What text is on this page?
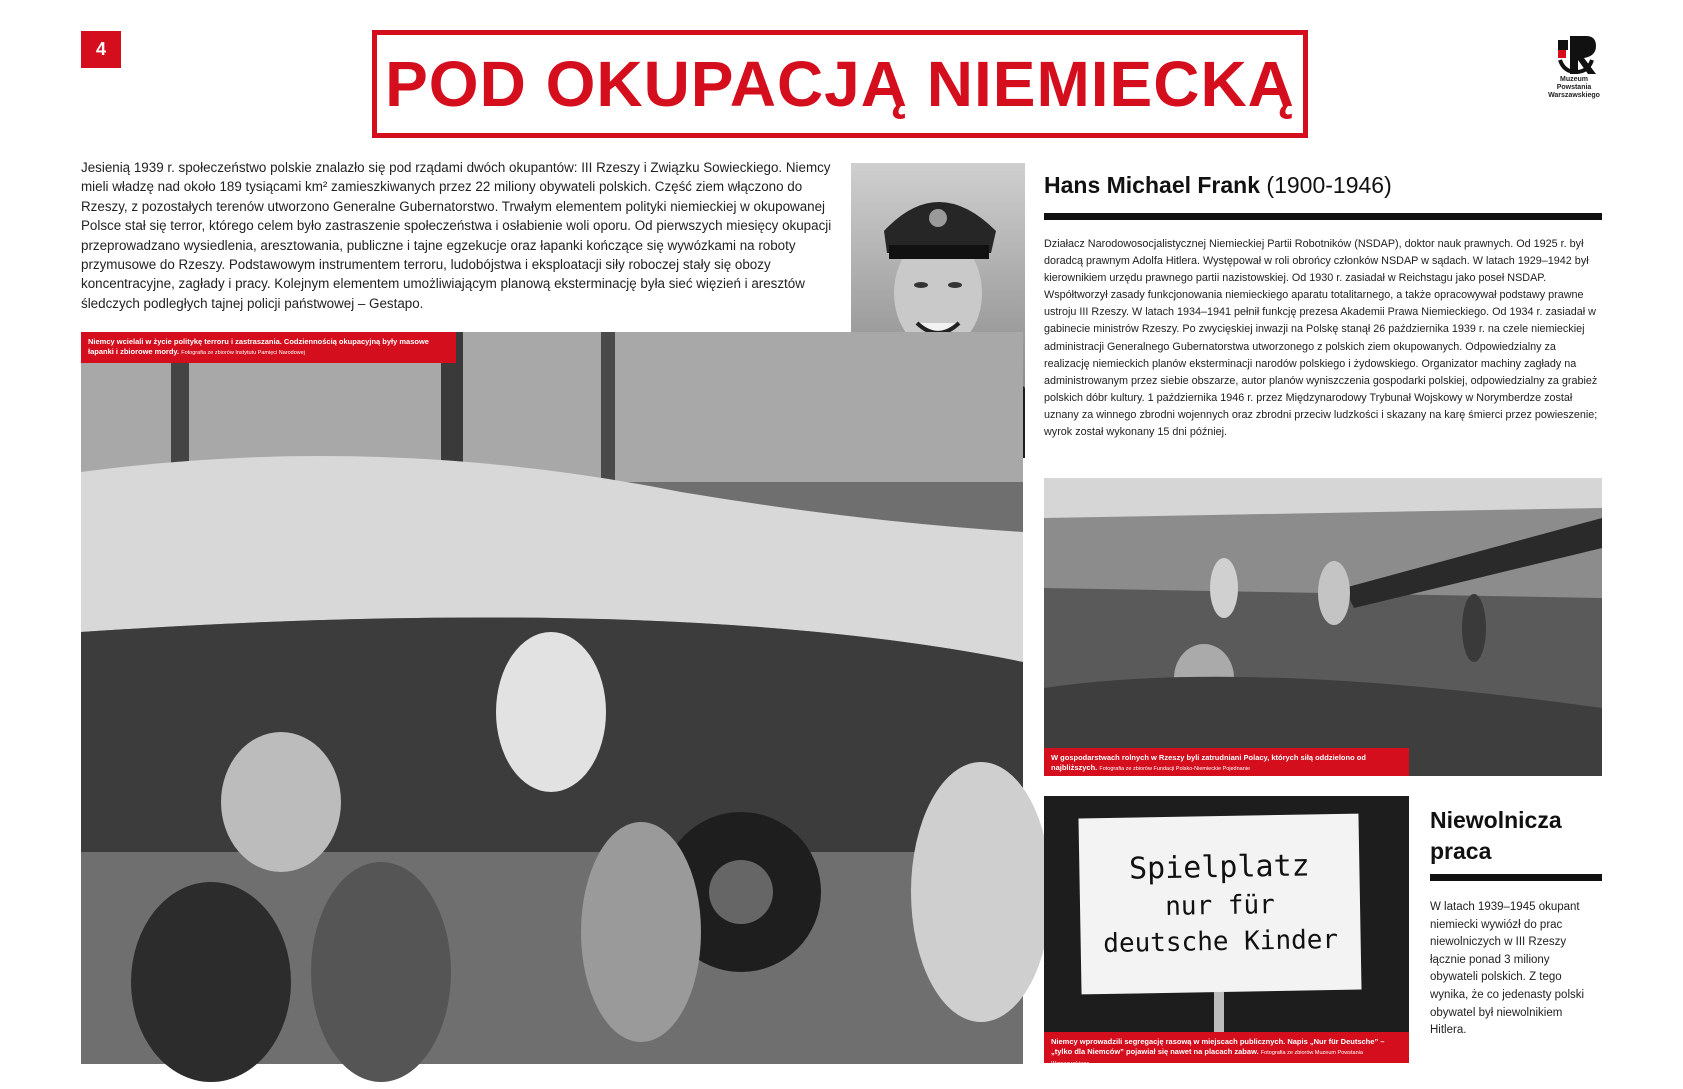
4	POD OKUPACJĄ NIEMIECKĄ	Muzeum
Powstania
Warszawskiego
Jesienią 1939 r. społeczeństwo polskie znalazło się pod rządami dwóch okupantów: III Rzeszy i Związku Sowieckiego. Niemcy mieli władzę nad około 189 tysiącami km² zamieszkiwanych przez 22 miliony obywateli polskich. Część ziem włączono do Rzeszy, z pozostałych terenów utworzono Generalne Gubernatorstwo. Trwałym elementem polityki niemieckiej w okupowanej Polsce stał się terror, którego celem było zastraszenie społeczeństwa i osłabienie woli oporu. Od pierwszych miesięcy okupacji przeprowadzano wysiedlenia, aresztowania, publiczne i tajne egzekucje oraz łapanki kończące się wywózkami na roboty przymusowe do Rzeszy. Podstawowym instrumentem terroru, ludobójstwa i eksploatacji siły roboczej stały się obozy koncentracyjne, zagłady i pracy. Kolejnym elementem umożliwiającym planową eksterminację była sieć więzień i aresztów śledczych podległych tajnej policji państwowej – Gestapo.
Niemcy wcielali w życie politykę terroru i zastraszania. Codziennością okupacyjną były masowe łapanki i zbiorowe mordy. Fotografia ze zbiorów Instytutu Pamięci Narodowej
Hans Michael Frank (1900-1946)
Działacz Narodowosocjalistycznej Niemieckiej Partii Robotników (NSDAP), doktor nauk prawnych. Od 1925 r. był doradcą prawnym Adolfa Hitlera. Występował w roli obrońcy członków NSDAP w sądach. W latach 1929–1942 był kierownikiem urzędu prawnego partii nazistowskiej. Od 1930 r. zasiadał w Reichstagu jako poseł NSDAP. Współtworzył zasady funkcjonowania niemieckiego aparatu totalitarnego, a także opracowywał podstawy prawne ustroju III Rzeszy. W latach 1934–1941 pełnił funkcję prezesa Akademii Prawa Niemieckiego. Od 1934 r. zasiadał w gabinecie ministrów Rzeszy. Po zwycięskiej inwazji na Polskę stanął 26 października 1939 r. na czele niemieckiej administracji Generalnego Gubernatorstwa utworzonego z polskich ziem okupowanych. Odpowiedzialny za realizację niemieckich planów eksterminacji narodów polskiego i żydowskiego. Organizator machiny zagłady na administrowanym przez siebie obszarze, autor planów wyniszczenia gospodarki polskiej, odpowiedzialny za grabież polskich dóbr kultury. 1 października 1946 r. przez Międzynarodowy Trybunał Wojskowy w Norymberdze został uznany za winnego zbrodni wojennych oraz zbrodni przeciw ludzkości i skazany na karę śmierci przez powieszenie; wyrok został wykonany 15 dni później.
W gospodarstwach rolnych w Rzeszy byli zatrudniani Polacy, których siłą oddzielono od najbliższych. Fotografia ze zbiorów Fundacji Polsko-Niemieckie Pojednanie
Spielplatz
nur für
deutsche Kinder
Niemcy wprowadzili segregację rasową w miejscach publicznych. Napis „Nur für Deutsche” – „tylko dla Niemców” pojawiał się nawet na placach zabaw. Fotografia ze zbiorów Muzeum Powstania Warszawskiego
Niewolnicza praca
W latach 1939–1945 okupant niemiecki wywiózł do prac niewolniczych w III Rzeszy łącznie ponad 3 miliony obywateli polskich. Z tego wynika, że co jedenasty polski obywatel był niewolnikiem Hitlera.
